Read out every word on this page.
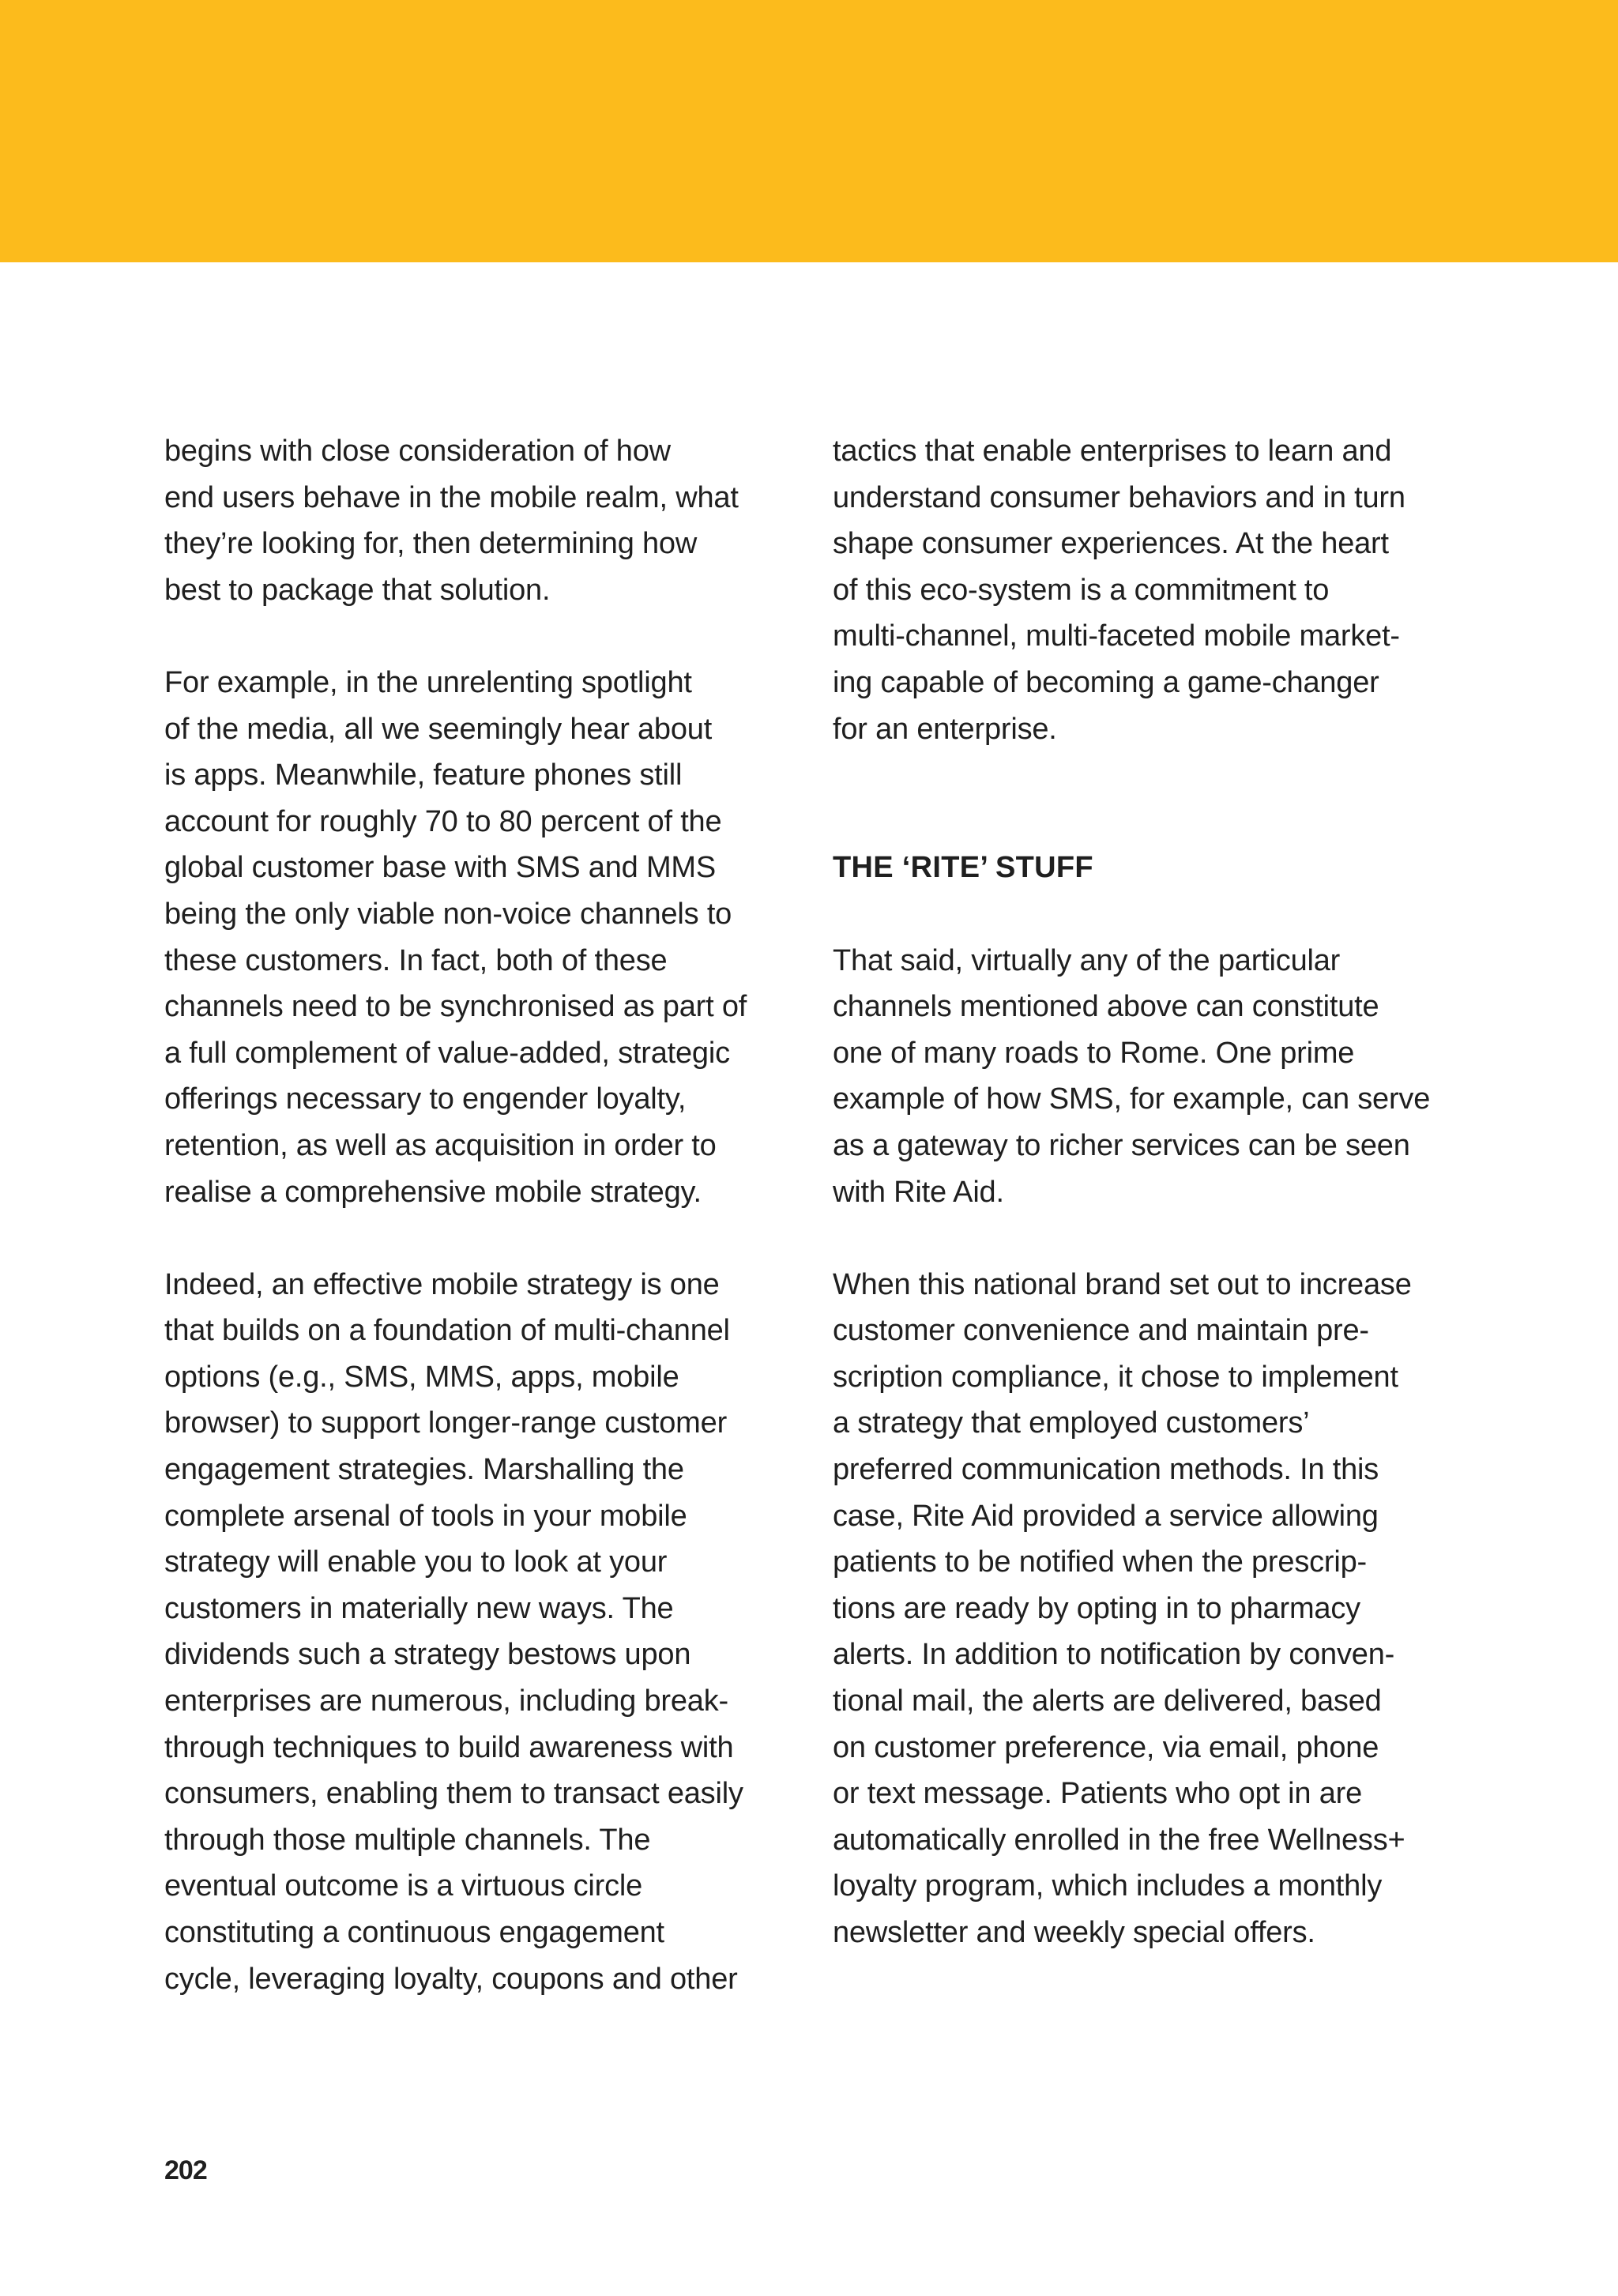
begins with close consideration of how
end users behave in the mobile realm, what
they’re looking for, then determining how
best to package that solution.
For example, in the unrelenting spotlight
of the media, all we seemingly hear about
is apps. Meanwhile, feature phones still
account for roughly 70 to 80 percent of the
global customer base with SMS and MMS
being the only viable non-voice channels to
these customers. In fact, both of these
channels need to be synchronised as part of
a full complement of value-added, strategic
offerings necessary to engender loyalty,
retention, as well as acquisition in order to
realise a comprehensive mobile strategy.
Indeed, an effective mobile strategy is one
that builds on a foundation of multi-channel
options (e.g., SMS, MMS, apps, mobile
browser) to support longer-range customer
engagement strategies. Marshalling the
complete arsenal of tools in your mobile
strategy will enable you to look at your
customers in materially new ways. The
dividends such a strategy bestows upon
enterprises are numerous, including break-
through techniques to build awareness with
consumers, enabling them to transact easily
through those multiple channels. The
eventual outcome is a virtuous circle
constituting a continuous engagement
cycle, leveraging loyalty, coupons and other
tactics that enable enterprises to learn and
understand consumer behaviors and in turn
shape consumer experiences. At the heart
of this eco-system is a commitment to
multi-channel, multi-faceted mobile market-
ing capable of becoming a game-changer
for an enterprise.
THE ‘RITE’ STUFF
That said, virtually any of the particular
channels mentioned above can constitute
one of many roads to Rome. One prime
example of how SMS, for example, can serve
as a gateway to richer services can be seen
with Rite Aid.
When this national brand set out to increase
customer convenience and maintain pre-
scription compliance, it chose to implement
a strategy that employed customers’
preferred communication methods. In this
case, Rite Aid provided a service allowing
patients to be notified when the prescrip-
tions are ready by opting in to pharmacy
alerts. In addition to notification by conven-
tional mail, the alerts are delivered, based
on customer preference, via email, phone
or text message. Patients who opt in are
automatically enrolled in the free Wellness+
loyalty program, which includes a monthly
newsletter and weekly special offers.
202
